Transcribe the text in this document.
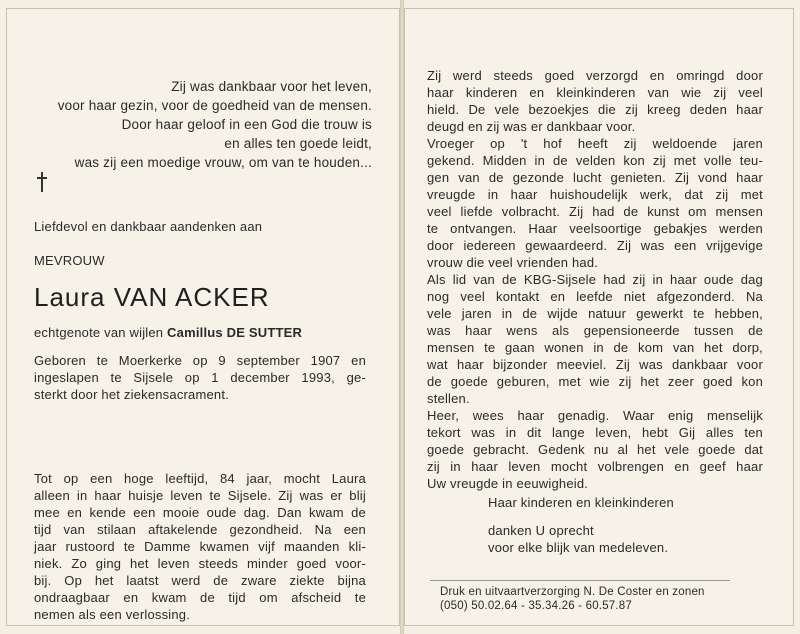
Zij was dankbaar voor het leven,
voor haar gezin, voor de goedheid van de mensen.
Door haar geloof in een God die trouw is
en alles ten goede leidt,
was zij een moedige vrouw, om van te houden...
Liefdevol en dankbaar aandenken aan
MEVROUW
Laura VAN ACKER
echtgenote van wijlen Camillus DE SUTTER
Geboren te Moerkerke op 9 september 1907 en
ingeslapen te Sijsele op 1 december 1993, ge-
sterkt door het ziekensacrament.
Tot op een hoge leeftijd, 84 jaar, mocht Laura
alleen in haar huisje leven te Sijsele. Zij was er blij
mee en kende een mooie oude dag. Dan kwam de
tijd van stilaan aftakelende gezondheid. Na een
jaar rustoord te Damme kwamen vijf maanden kli-
niek. Zo ging het leven steeds minder goed voor-
bij. Op het laatst werd de zware ziekte bijna
ondraagbaar en kwam de tijd om afscheid te
nemen als een verlossing.
Zij werd steeds goed verzorgd en omringd door
haar kinderen en kleinkinderen van wie zij veel
hield. De vele bezoekjes die zij kreeg deden haar
deugd en zij was er dankbaar voor.
Vroeger op 't hof heeft zij weldoende jaren
gekend. Midden in de velden kon zij met volle teu-
gen van de gezonde lucht genieten. Zij vond haar
vreugde in haar huishoudelijk werk, dat zij met
veel liefde volbracht. Zij had de kunst om mensen
te ontvangen. Haar veelsoortige gebakjes werden
door iedereen gewaardeerd. Zij was een vrijgevige
vrouw die veel vrienden had.
Als lid van de KBG-Sijsele had zij in haar oude dag
nog veel kontakt en leefde niet afgezonderd. Na
vele jaren in de wijde natuur gewerkt te hebben,
was haar wens als gepensioneerde tussen de
mensen te gaan wonen in de kom van het dorp,
wat haar bijzonder meeviel. Zij was dankbaar voor
de goede geburen, met wie zij het zeer goed kon
stellen.
Heer, wees haar genadig. Waar enig menselijk
tekort was in dit lange leven, hebt Gij alles ten
goede gebracht. Gedenk nu al het vele goede dat
zij in haar leven mocht volbrengen en geef haar
Uw vreugde in eeuwigheid.
Haar kinderen en kleinkinderen
danken U oprecht
voor elke blijk van medeleven.
Druk en uitvaartverzorging N. De Coster en zonen
(050) 50.02.64 - 35.34.26 - 60.57.87
